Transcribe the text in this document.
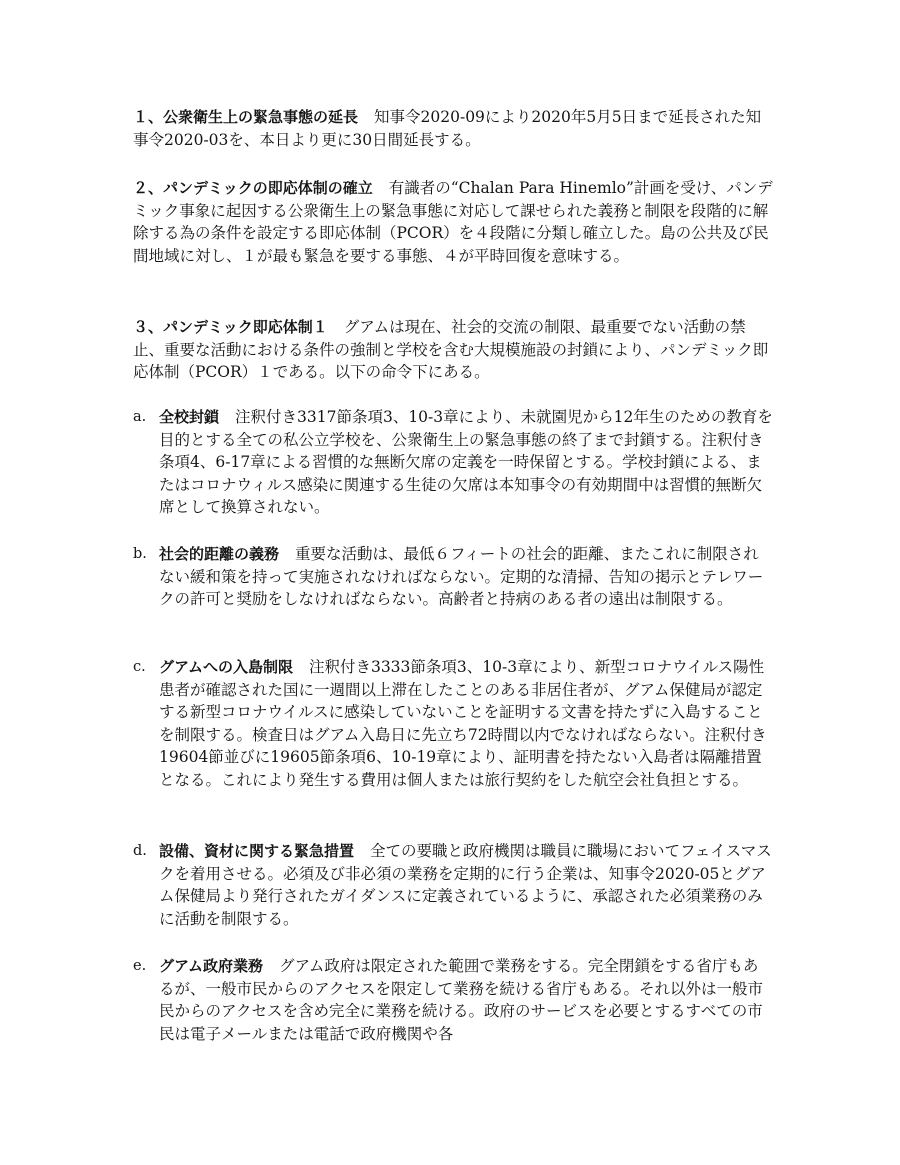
１、公衆衛生上の緊急事態の延長 知事令2020-09により2020年5月5日まで延長された知事令2020-03を、本日より更に30日間延長する。

２、パンデミックの即応体制の確立 有識者の“Chalan Para Hinemlo”計画を受け、パンデミック事象に起因する公衆衛生上の緊急事態に対応して課せられた義務と制限を段階的に解除する為の条件を設定する即応体制（PCOR）を４段階に分類し確立した。島の公共及び民間地域に対し、１が最も緊急を要する事態、４が平時回復を意味する。

３、パンデミック即応体制１ グアムは現在、社会的交流の制限、最重要でない活動の禁止、重要な活動における条件の強制と学校を含む大規模施設の封鎖により、パンデミック即応体制（PCOR）１である。以下の命令下にある。

a. 全校封鎖 注釈付き3317節条項3、10-3章により、未就園児から12年生のための教育を目的とする全ての私公立学校を、公衆衛生上の緊急事態の終了まで封鎖する。注釈付き条項4、6-17章による習慣的な無断欠席の定義を一時保留とする。学校封鎖による、またはコロナウィルス感染に関連する生徒の欠席は本知事令の有効期間中は習慣的無断欠席として換算されない。
b. 社会的距離の義務 重要な活動は、最低６フィートの社会的距離、またこれに制限されない緩和策を持って実施されなければならない。定期的な清掃、告知の掲示とテレワークの許可と奨励をしなければならない。高齢者と持病のある者の遠出は制限する。
c. グアムへの入島制限 注釈付き3333節条項3、10-3章により、新型コロナウイルス陽性患者が確認された国に一週間以上滞在したことのある非居住者が、グアム保健局が認定する新型コロナウイルスに感染していないことを証明する文書を持たずに入島することを制限する。検査日はグアム入島日に先立ち72時間以内でなければならない。注釈付き19604節並びに19605節条項6、10-19章により、証明書を持たない入島者は隔離措置となる。これにより発生する費用は個人または旅行契約をした航空会社負担とする。
d. 設備、資材に関する緊急措置 全ての要職と政府機関は職員に職場においてフェイスマスクを着用させる。必須及び非必須の業務を定期的に行う企業は、知事令2020-05とグアム保健局より発行されたガイダンスに定義されているように、承認された必須業務のみに活動を制限する。
e. グアム政府業務 グアム政府は限定された範囲で業務をする。完全閉鎖をする省庁もあるが、一般市民からのアクセスを限定して業務を続ける省庁もある。それ以外は一般市民からのアクセスを含め完全に業務を続ける。政府のサービスを必要とするすべての市民は電子メールまたは電話で政府機関や各
